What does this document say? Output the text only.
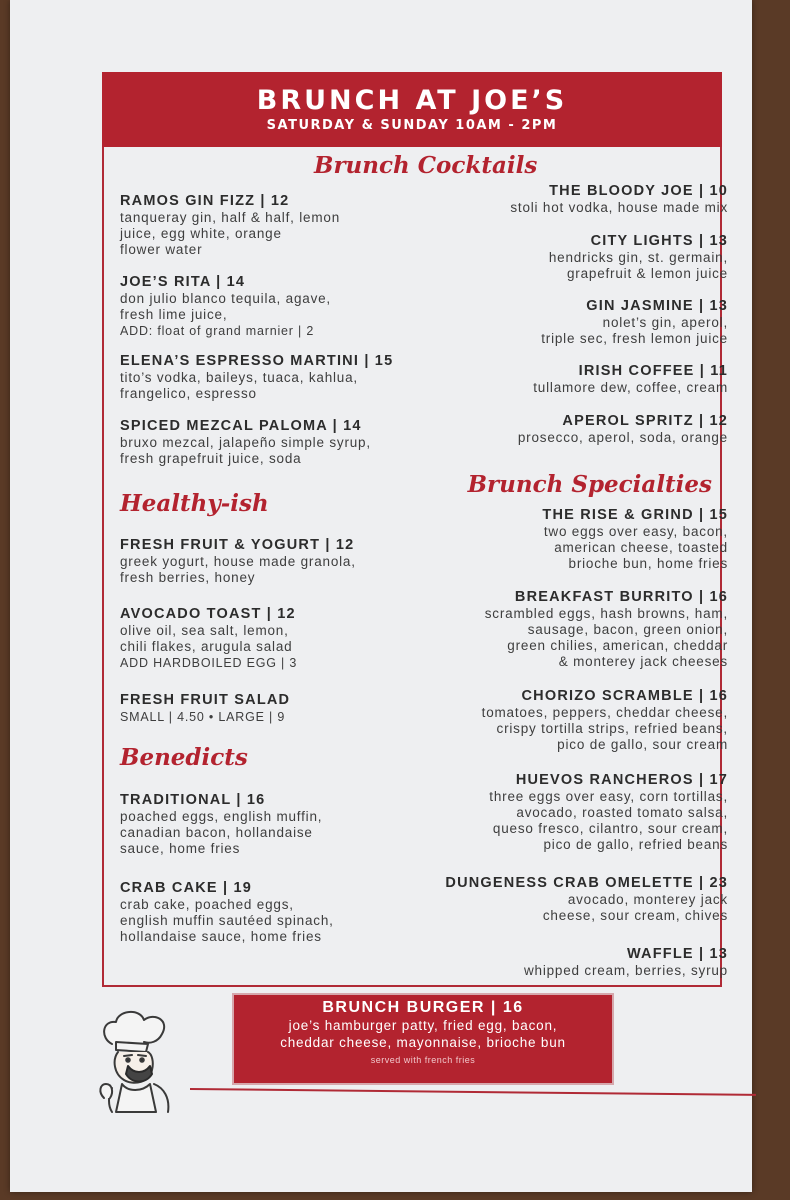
BRUNCH AT JOE’S
SATURDAY & SUNDAY 10AM - 2PM
Brunch Cocktails
RAMOS GIN FIZZ | 12
tanqueray gin, half & half, lemon
juice, egg white, orange
flower water
JOE’S RITA | 14
don julio blanco tequila, agave,
fresh lime juice,
ADD: float of grand marnier | 2
ELENA’S ESPRESSO MARTINI | 15
tito’s vodka, baileys, tuaca, kahlua,
frangelico, espresso
SPICED MEZCAL PALOMA | 14
bruxo mezcal, jalapeño simple syrup,
fresh grapefruit juice, soda
THE BLOODY JOE | 10
stoli hot vodka, house made mix
CITY LIGHTS | 13
hendricks gin, st. germain,
grapefruit & lemon juice
GIN JASMINE | 13
nolet’s gin, aperol,
triple sec, fresh lemon juice
IRISH COFFEE | 11
tullamore dew, coffee, cream
APEROL SPRITZ | 12
prosecco, aperol, soda, orange
Healthy-ish
FRESH FRUIT & YOGURT | 12
greek yogurt, house made granola,
fresh berries, honey
AVOCADO TOAST | 12
olive oil, sea salt, lemon,
chili flakes, arugula salad
ADD HARDBOILED EGG | 3
FRESH FRUIT SALAD
SMALL | 4.50 • LARGE | 9
Benedicts
TRADITIONAL | 16
poached eggs, english muffin,
canadian bacon, hollandaise
sauce, home fries
CRAB CAKE | 19
crab cake, poached eggs,
english muffin sautéed spinach,
hollandaise sauce, home fries
Brunch Specialties
THE RISE & GRIND | 15
two eggs over easy, bacon,
american cheese, toasted
brioche bun, home fries
BREAKFAST BURRITO | 16
scrambled eggs, hash browns, ham,
sausage, bacon, green onion,
green chilies, american, cheddar
& monterey jack cheeses
CHORIZO SCRAMBLE | 16
tomatoes, peppers, cheddar cheese,
crispy tortilla strips, refried beans,
pico de gallo, sour cream
HUEVOS RANCHEROS | 17
three eggs over easy, corn tortillas,
avocado, roasted tomato salsa,
queso fresco, cilantro, sour cream,
pico de gallo, refried beans
DUNGENESS CRAB OMELETTE | 23
avocado, monterey jack
cheese, sour cream, chives
WAFFLE | 13
whipped cream, berries, syrup
BRUNCH BURGER | 16
joe’s hamburger patty, fried egg, bacon,
cheddar cheese, mayonnaise, brioche bun
served with french fries
